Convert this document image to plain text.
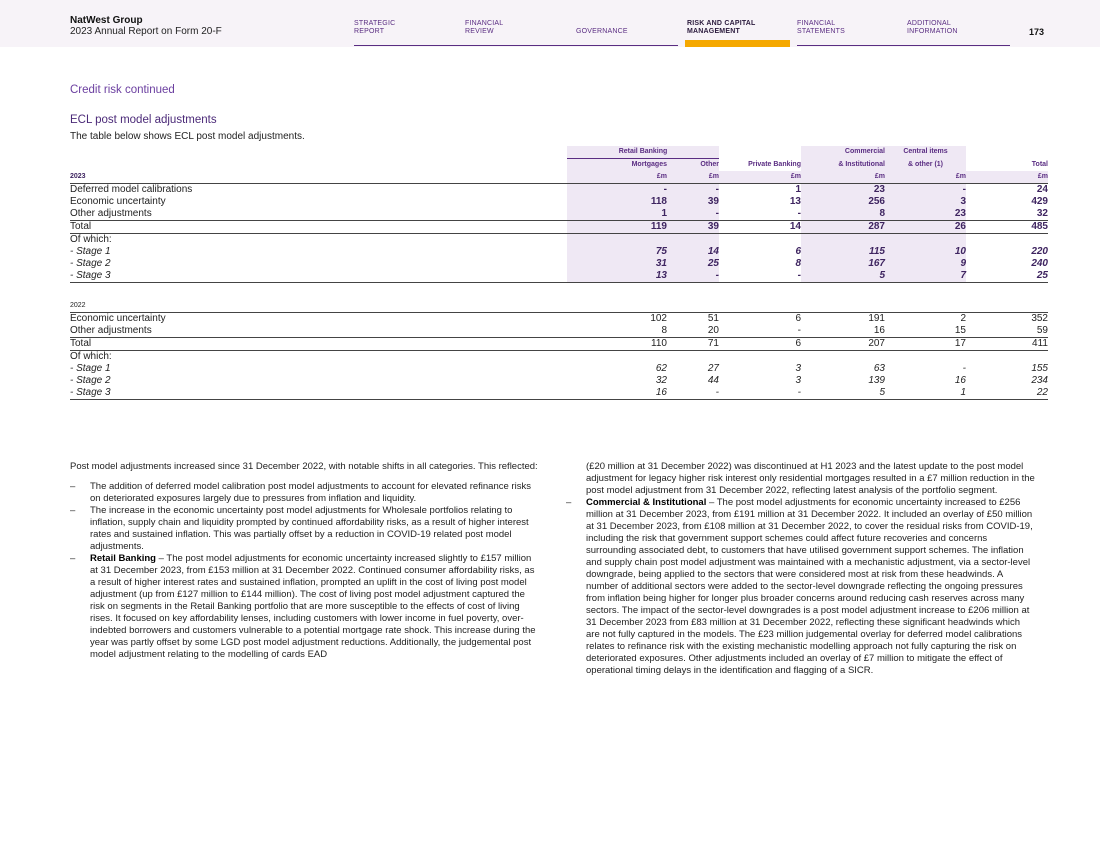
NatWest Group
2023 Annual Report on Form 20-F
STRATEGIC
REPORT
FINANCIAL
REVIEW	GOVERNANCE
RISK AND CAPITAL
MANAGEMENT
FINANCIAL
STATEMENTS
ADDITIONAL
INFORMATION	173
Credit risk continued
ECL post model adjustments
The table below shows ECL post model adjustments.
	Retail Banking			Commercial	Central items	
	Mortgages	Other	Private Banking	& Institutional	& other (1)	Total
2023	£m	£m	£m	£m	£m	£m
Deferred model calibrations	-	-	1	23	-	24
Economic uncertainty	118	39	13	256	3	429
Other adjustments	1	-	-	8	23	32
Total	119	39	14	287	26	485
Of which:						
- Stage 1	75	14	6	115	10	220
- Stage 2	31	25	8	167	9	240
- Stage 3	13	-	-	5	7	25

2022						
Economic uncertainty	102	51	6	191	2	352
Other adjustments	8	20	-	16	15	59
Total	110	71	6	207	17	411
Of which:						
- Stage 1	62	27	3	63	-	155
- Stage 2	32	44	3	139	16	234
- Stage 3	16	-	-	5	1	22

Post model adjustments increased since 31 December 2022, with notable shifts in all categories. This reflected:

–	The addition of deferred model calibration post model adjustments to account for elevated refinance risks on deteriorated exposures largely due to pressures from inflation and liquidity.
–	The increase in the economic uncertainty post model adjustments for Wholesale portfolios relating to inflation, supply chain and liquidity prompted by continued affordability risks, as a result of higher interest rates and sustained inflation. This was partially offset by a reduction in COVID-19 related post model adjustments.
–	Retail Banking – The post model adjustments for economic uncertainty increased slightly to £157 million at 31 December 2023, from £153 million at 31 December 2022. Continued consumer affordability risks, as a result of higher interest rates and sustained inflation, prompted an uplift in the cost of living post model adjustment (up from £127 million to £144 million). The cost of living post model adjustment captured the risk on segments in the Retail Banking portfolio that are more susceptible to the effects of cost of living rises. It focused on key affordability lenses, including customers with lower income in fuel poverty, over-indebted borrowers and customers vulnerable to a potential mortgage rate shock. This increase during the year was partly offset by some LGD post model adjustment reductions. Additionally, the judgemental post model adjustment relating to the modelling of cards EAD
(£20 million at 31 December 2022) was discontinued at H1 2023 and the latest update to the post model adjustment for legacy higher risk interest only residential mortgages resulted in a £7 million reduction in the post model adjustment from 31 December 2022, reflecting latest analysis of the portfolio segment.
–	Commercial & Institutional – The post model adjustments for economic uncertainty increased to £256 million at 31 December 2023, from £191 million at 31 December 2022. It included an overlay of £50 million at 31 December 2023, from £108 million at 31 December 2022, to cover the residual risks from COVID-19, including the risk that government support schemes could affect future recoveries and concerns surrounding associated debt, to customers that have utilised government support schemes. The inflation and supply chain post model adjustment was maintained with a mechanistic adjustment, via a sector-level downgrade, being applied to the sectors that were considered most at risk from these headwinds. A number of additional sectors were added to the sector-level downgrade reflecting the ongoing pressures from inflation being higher for longer plus broader concerns around reducing cash reserves across many sectors. The impact of the sector-level downgrades is a post model adjustment increase to £206 million at 31 December 2023 from £83 million at 31 December 2022, reflecting these significant headwinds which are not fully captured in the models. The £23 million judgemental overlay for deferred model calibrations relates to refinance risk with the existing mechanistic modelling approach not fully capturing the risk on deteriorated exposures. Other adjustments included an overlay of £7 million to mitigate the effect of operational timing delays in the identification and flagging of a SICR.
